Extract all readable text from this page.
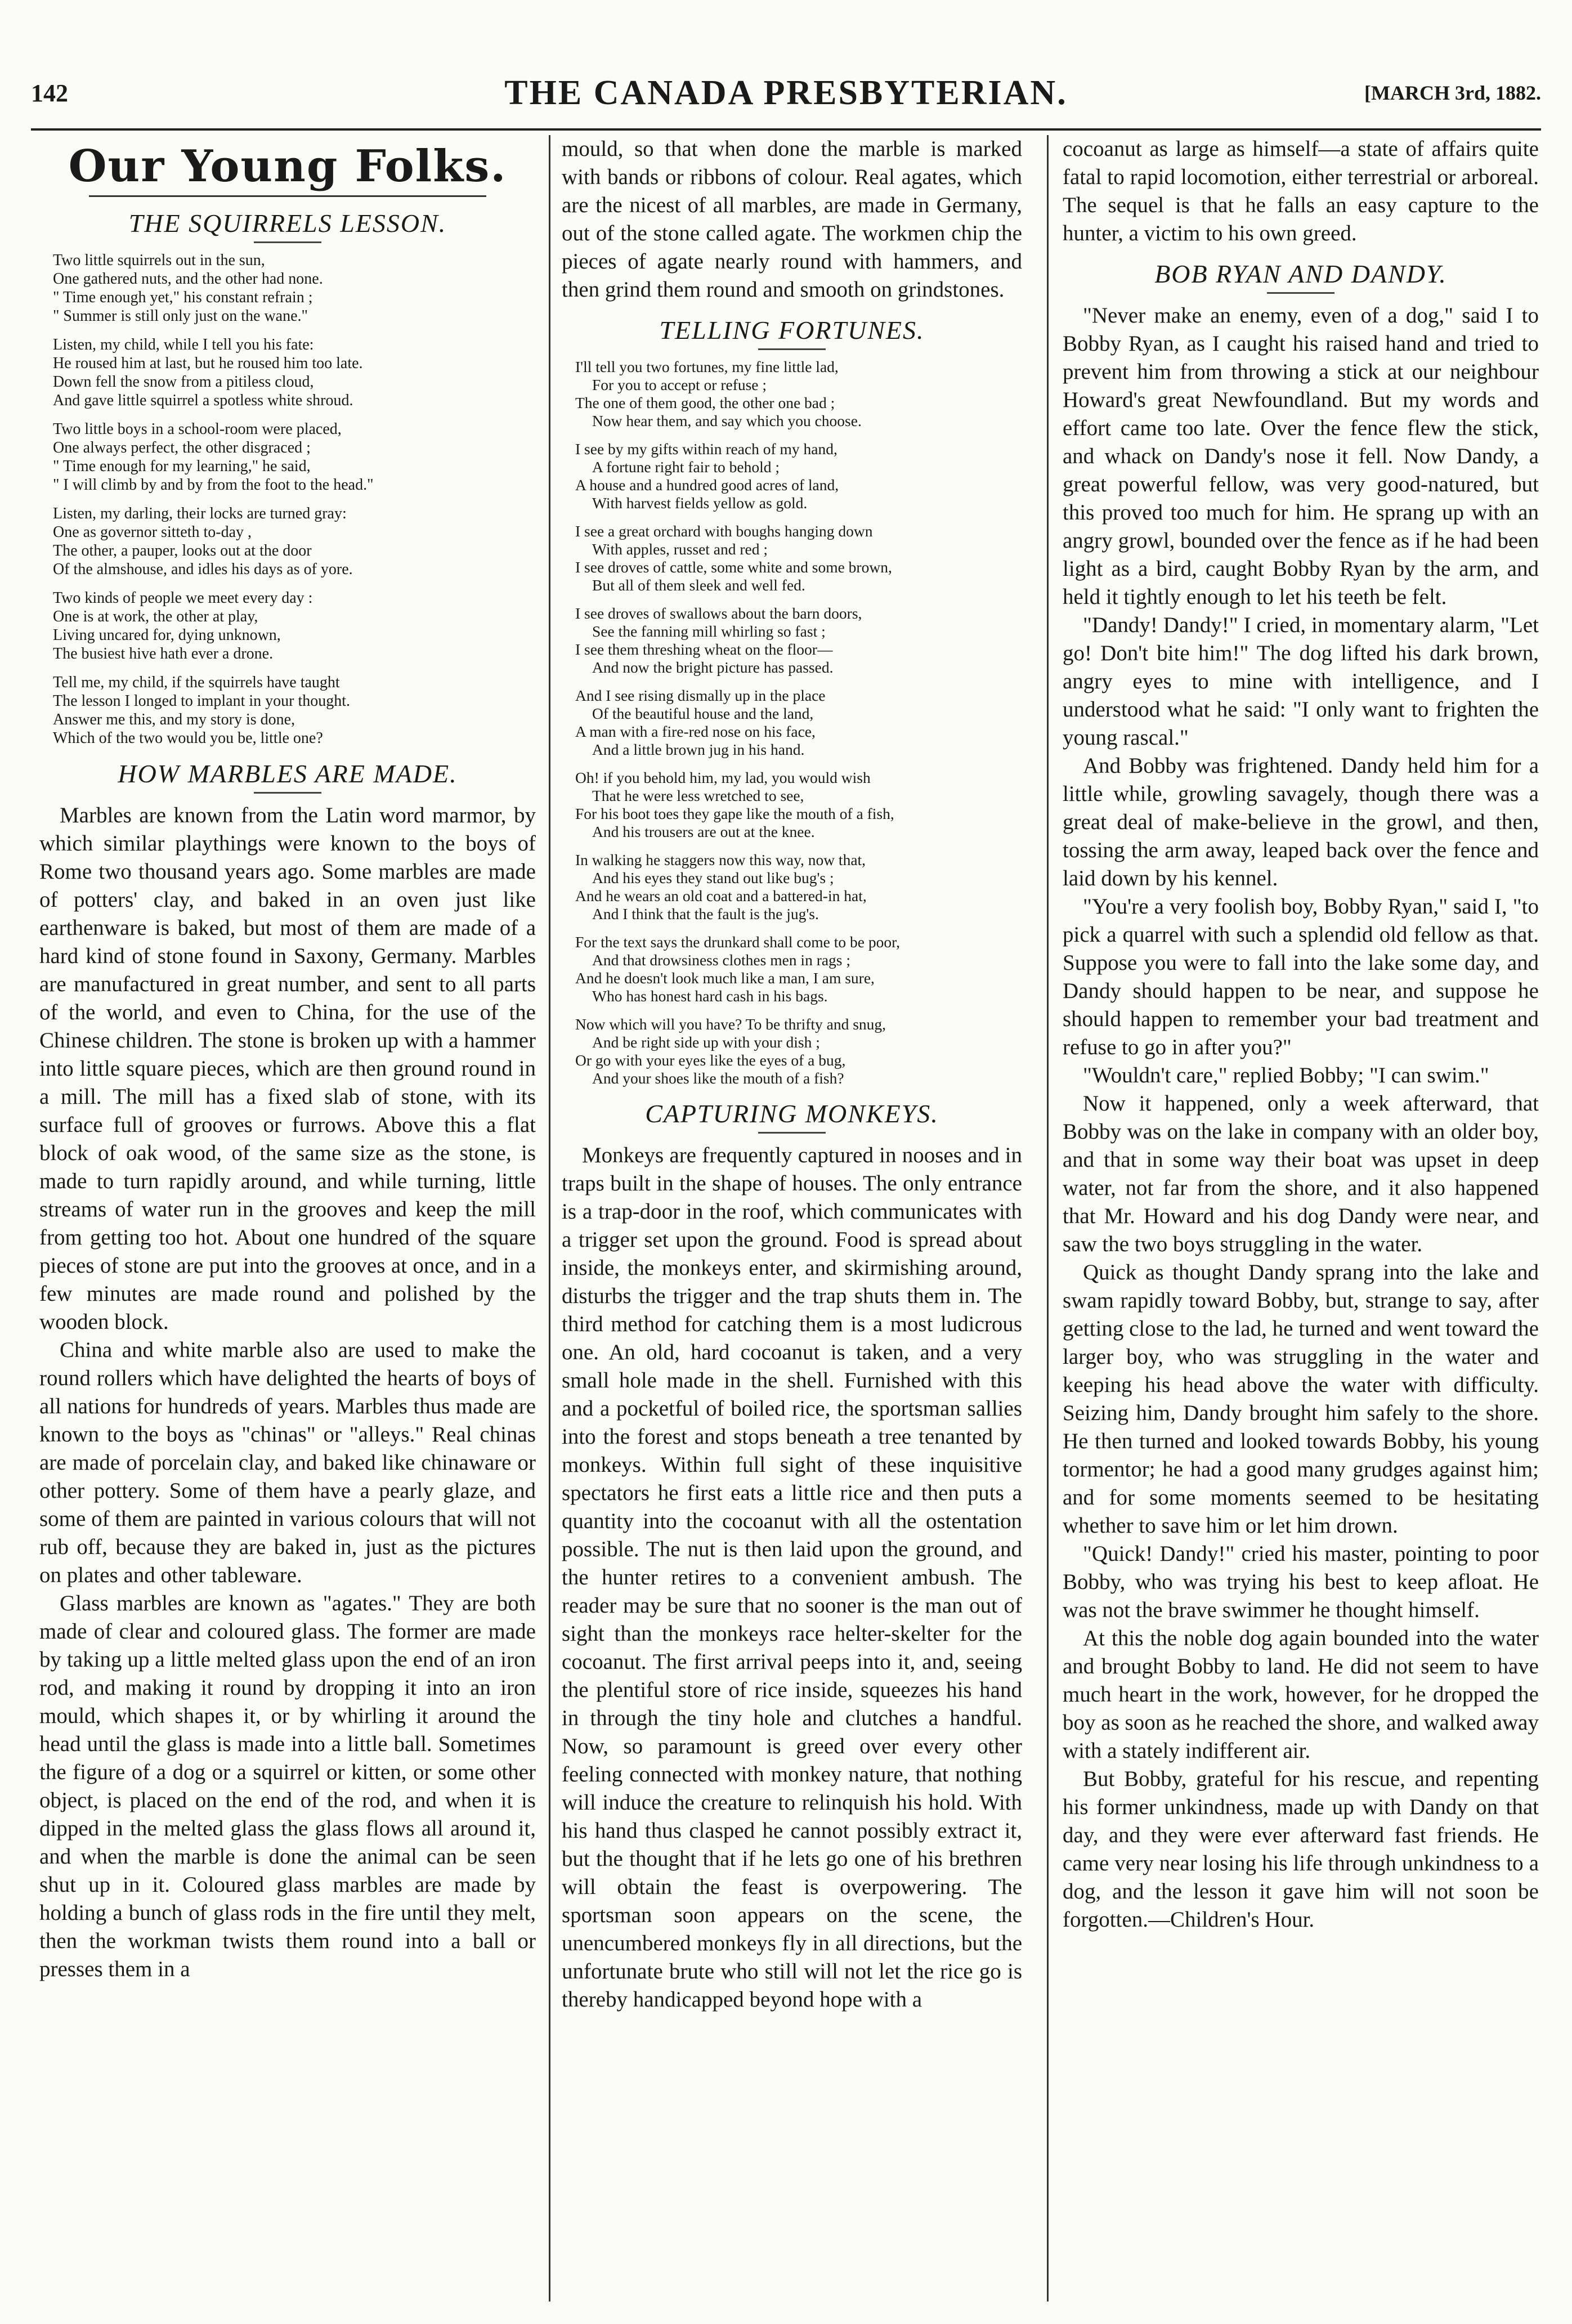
142	THE CANADA PRESBYTERIAN.	[MARCH 3rd, 1882.
Our Young Folks.
THE SQUIRRELS LESSON.
Two little squirrels out in the sun,
One gathered nuts, and the other had none.
" Time enough yet," his constant refrain ;
" Summer is still only just on the wane."
Listen, my child, while I tell you his fate:
He roused him at last, but he roused him too late.
Down fell the snow from a pitiless cloud,
And gave little squirrel a spotless white shroud.
Two little boys in a school-room were placed,
One always perfect, the other disgraced ;
" Time enough for my learning," he said,
" I will climb by and by from the foot to the head."
Listen, my darling, their locks are turned gray:
One as governor sitteth to-day ,
The other, a pauper, looks out at the door
Of the almshouse, and idles his days as of yore.
Two kinds of people we meet every day :
One is at work, the other at play,
Living uncared for, dying unknown,
The busiest hive hath ever a drone.
Tell me, my child, if the squirrels have taught
The lesson I longed to implant in your thought.
Answer me this, and my story is done,
Which of the two would you be, little one?
HOW MARBLES ARE MADE.

Marbles are known from the Latin word marmor, by which similar playthings were known to the boys of Rome two thousand years ago. Some marbles are made of potters' clay, and baked in an oven just like earthenware is baked, but most of them are made of a hard kind of stone found in Saxony, Germany. Marbles are manufactured in great number, and sent to all parts of the world, and even to China, for the use of the Chinese children. The stone is broken up with a hammer into little square pieces, which are then ground round in a mill. The mill has a fixed slab of stone, with its surface full of grooves or furrows. Above this a flat block of oak wood, of the same size as the stone, is made to turn rapidly around, and while turning, little streams of water run in the grooves and keep the mill from getting too hot. About one hundred of the square pieces of stone are put into the grooves at once, and in a few minutes are made round and polished by the wooden block.

China and white marble also are used to make the round rollers which have delighted the hearts of boys of all nations for hundreds of years. Marbles thus made are known to the boys as "chinas" or "alleys." Real chinas are made of porcelain clay, and baked like chinaware or other pottery. Some of them have a pearly glaze, and some of them are painted in various colours that will not rub off, because they are baked in, just as the pictures on plates and other tableware.

Glass marbles are known as "agates." They are both made of clear and coloured glass. The former are made by taking up a little melted glass upon the end of an iron rod, and making it round by dropping it into an iron mould, which shapes it, or by whirling it around the head until the glass is made into a little ball. Sometimes the figure of a dog or a squirrel or kitten, or some other object, is placed on the end of the rod, and when it is dipped in the melted glass the glass flows all around it, and when the marble is done the animal can be seen shut up in it. Coloured glass marbles are made by holding a bunch of glass rods in the fire until they melt, then the workman twists them round into a ball or presses them in a

mould, so that when done the marble is marked with bands or ribbons of colour. Real agates, which are the nicest of all marbles, are made in Germany, out of the stone called agate. The workmen chip the pieces of agate nearly round with hammers, and then grind them round and smooth on grindstones.

TELLING FORTUNES.
I'll tell you two fortunes, my fine little lad,
For you to accept or refuse ;
The one of them good, the other one bad ;
Now hear them, and say which you choose.
I see by my gifts within reach of my hand,
A fortune right fair to behold ;
A house and a hundred good acres of land,
With harvest fields yellow as gold.
I see a great orchard with boughs hanging down
With apples, russet and red ;
I see droves of cattle, some white and some brown,
But all of them sleek and well fed.
I see droves of swallows about the barn doors,
See the fanning mill whirling so fast ;
I see them threshing wheat on the floor—
And now the bright picture has passed.
And I see rising dismally up in the place
Of the beautiful house and the land,
A man with a fire-red nose on his face,
And a little brown jug in his hand.
Oh! if you behold him, my lad, you would wish
That he were less wretched to see,
For his boot toes they gape like the mouth of a fish,
And his trousers are out at the knee.
In walking he staggers now this way, now that,
And his eyes they stand out like bug's ;
And he wears an old coat and a battered-in hat,
And I think that the fault is the jug's.
For the text says the drunkard shall come to be poor,
And that drowsiness clothes men in rags ;
And he doesn't look much like a man, I am sure,
Who has honest hard cash in his bags.
Now which will you have? To be thrifty and snug,
And be right side up with your dish ;
Or go with your eyes like the eyes of a bug,
And your shoes like the mouth of a fish?
CAPTURING MONKEYS.

Monkeys are frequently captured in nooses and in traps built in the shape of houses. The only entrance is a trap-door in the roof, which communicates with a trigger set upon the ground. Food is spread about inside, the monkeys enter, and skirmishing around, disturbs the trigger and the trap shuts them in. The third method for catching them is a most ludicrous one. An old, hard cocoanut is taken, and a very small hole made in the shell. Furnished with this and a pocketful of boiled rice, the sportsman sallies into the forest and stops beneath a tree tenanted by monkeys. Within full sight of these inquisitive spectators he first eats a little rice and then puts a quantity into the cocoanut with all the ostentation possible. The nut is then laid upon the ground, and the hunter retires to a convenient ambush. The reader may be sure that no sooner is the man out of sight than the monkeys race helter-skelter for the cocoanut. The first arrival peeps into it, and, seeing the plentiful store of rice inside, squeezes his hand in through the tiny hole and clutches a handful. Now, so paramount is greed over every other feeling connected with monkey nature, that nothing will induce the creature to relinquish his hold. With his hand thus clasped he cannot possibly extract it, but the thought that if he lets go one of his brethren will obtain the feast is overpowering. The sportsman soon appears on the scene, the unencumbered monkeys fly in all directions, but the unfortunate brute who still will not let the rice go is thereby handicapped beyond hope with a

cocoanut as large as himself—a state of affairs quite fatal to rapid locomotion, either terrestrial or arboreal. The sequel is that he falls an easy capture to the hunter, a victim to his own greed.

BOB RYAN AND DANDY.

"Never make an enemy, even of a dog," said I to Bobby Ryan, as I caught his raised hand and tried to prevent him from throwing a stick at our neighbour Howard's great Newfoundland. But my words and effort came too late. Over the fence flew the stick, and whack on Dandy's nose it fell. Now Dandy, a great powerful fellow, was very good-natured, but this proved too much for him. He sprang up with an angry growl, bounded over the fence as if he had been light as a bird, caught Bobby Ryan by the arm, and held it tightly enough to let his teeth be felt.

"Dandy! Dandy!" I cried, in momentary alarm, "Let go! Don't bite him!" The dog lifted his dark brown, angry eyes to mine with intelligence, and I understood what he said: "I only want to frighten the young rascal."

And Bobby was frightened. Dandy held him for a little while, growling savagely, though there was a great deal of make-believe in the growl, and then, tossing the arm away, leaped back over the fence and laid down by his kennel.

"You're a very foolish boy, Bobby Ryan," said I, "to pick a quarrel with such a splendid old fellow as that. Suppose you were to fall into the lake some day, and Dandy should happen to be near, and suppose he should happen to remember your bad treatment and refuse to go in after you?"

"Wouldn't care," replied Bobby; "I can swim."

Now it happened, only a week afterward, that Bobby was on the lake in company with an older boy, and that in some way their boat was upset in deep water, not far from the shore, and it also happened that Mr. Howard and his dog Dandy were near, and saw the two boys struggling in the water.

Quick as thought Dandy sprang into the lake and swam rapidly toward Bobby, but, strange to say, after getting close to the lad, he turned and went toward the larger boy, who was struggling in the water and keeping his head above the water with difficulty. Seizing him, Dandy brought him safely to the shore. He then turned and looked towards Bobby, his young tormentor; he had a good many grudges against him; and for some moments seemed to be hesitating whether to save him or let him drown.

"Quick! Dandy!" cried his master, pointing to poor Bobby, who was trying his best to keep afloat. He was not the brave swimmer he thought himself.

At this the noble dog again bounded into the water and brought Bobby to land. He did not seem to have much heart in the work, however, for he dropped the boy as soon as he reached the shore, and walked away with a stately indifferent air.

But Bobby, grateful for his rescue, and repenting his former unkindness, made up with Dandy on that day, and they were ever afterward fast friends. He came very near losing his life through unkindness to a dog, and the lesson it gave him will not soon be forgotten.—Children's Hour.
